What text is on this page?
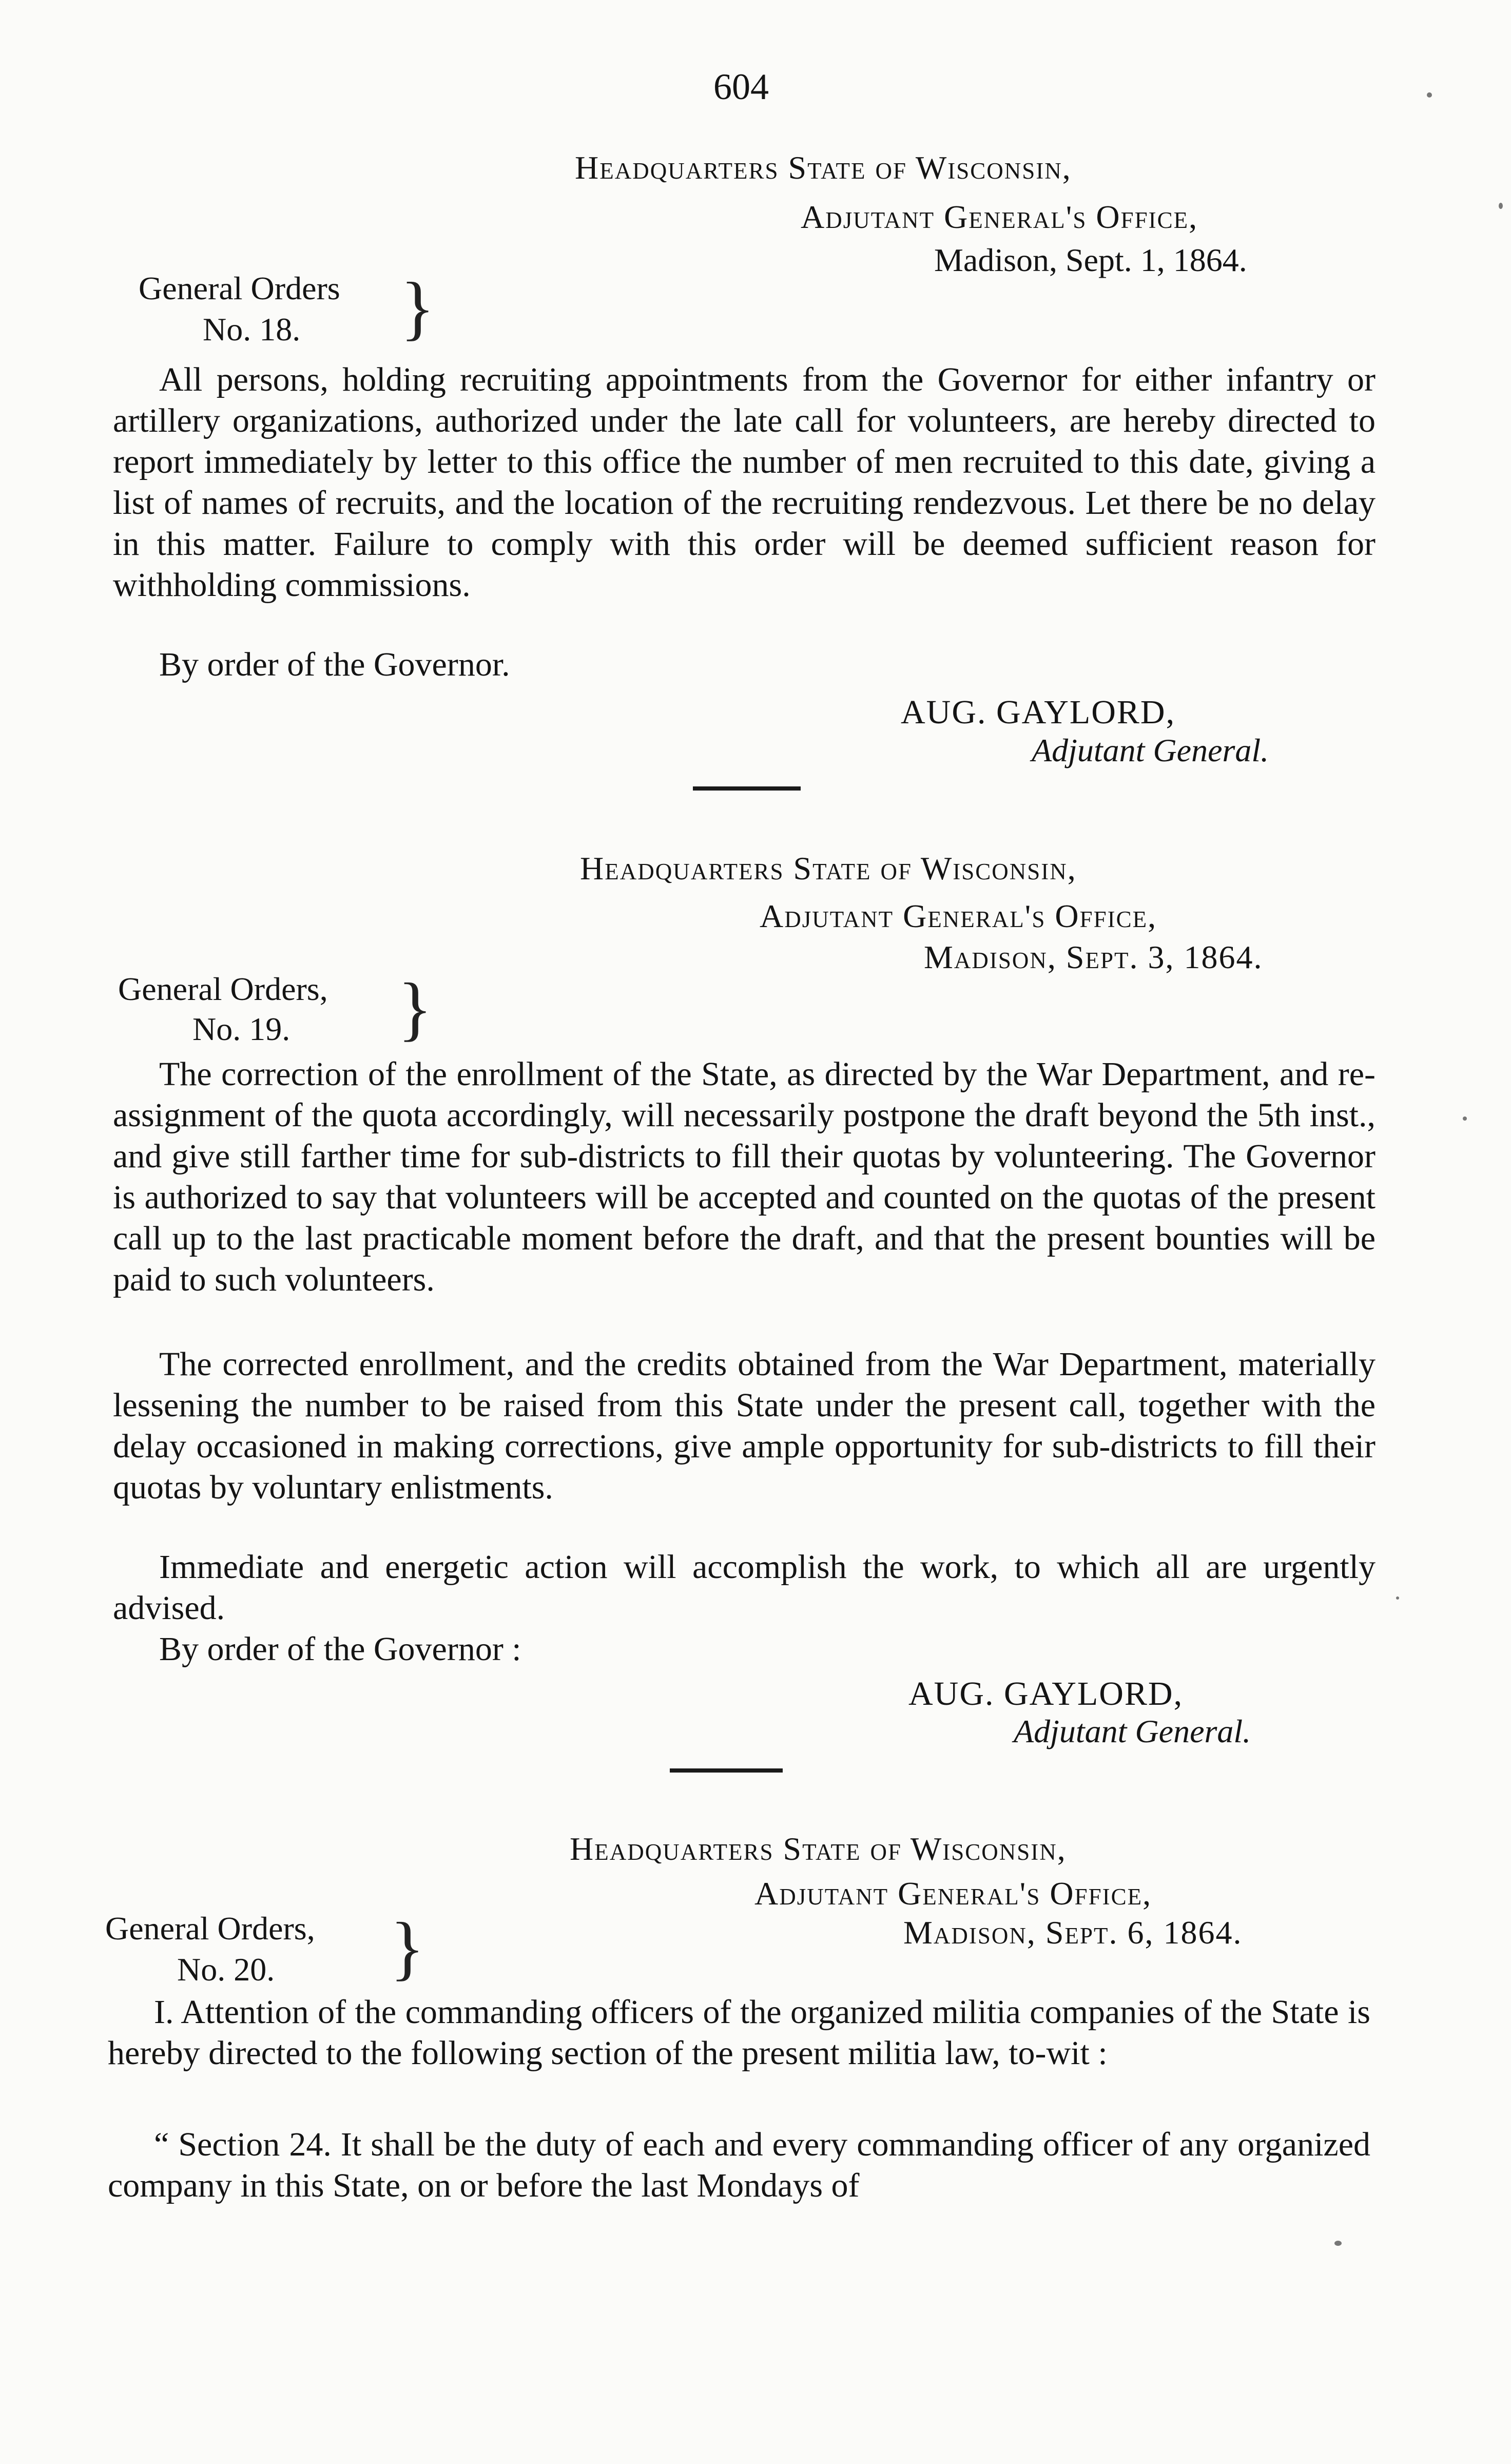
604
Headquarters State of Wisconsin,
Adjutant General's Office,
Madison, Sept. 1, 1864.
General Orders
No. 18. }

All persons, holding recruiting appointments from the Governor for either infantry or artillery organizations, authorized under the late call for volunteers, are hereby directed to report immediately by letter to this office the number of men recruited to this date, giving a list of names of recruits, and the location of the recruiting rendezvous. Let there be no delay in this matter. Failure to comply with this order will be deemed sufficient reason for withholding commissions.

By order of the Governor.

AUG. GAYLORD,
Adjutant General.
Headquarters State of Wisconsin,
Adjutant General's Office,
Madison, Sept. 3, 1864.
General Orders,
No. 19. }

The correction of the enrollment of the State, as directed by the War Department, and re-assignment of the quota accordingly, will necessarily postpone the draft beyond the 5th inst., and give still farther time for sub-districts to fill their quotas by volunteering. The Governor is authorized to say that volunteers will be accepted and counted on the quotas of the present call up to the last practicable moment before the draft, and that the present bounties will be paid to such volunteers.

The corrected enrollment, and the credits obtained from the War Department, materially lessening the number to be raised from this State under the present call, together with the delay occasioned in making corrections, give ample opportunity for sub-districts to fill their quotas by voluntary enlistments.

Immediate and energetic action will accomplish the work, to which all are urgently advised.

By order of the Governor :

AUG. GAYLORD,
Adjutant General.
Headquarters State of Wisconsin,
Adjutant General's Office,
Madison, Sept. 6, 1864.
General Orders,
No. 20. }

I. Attention of the commanding officers of the organized militia companies of the State is hereby directed to the following section of the present militia law, to-wit :

“ Section 24. It shall be the duty of each and every commanding officer of any organized company in this State, on or before the last Mondays of
